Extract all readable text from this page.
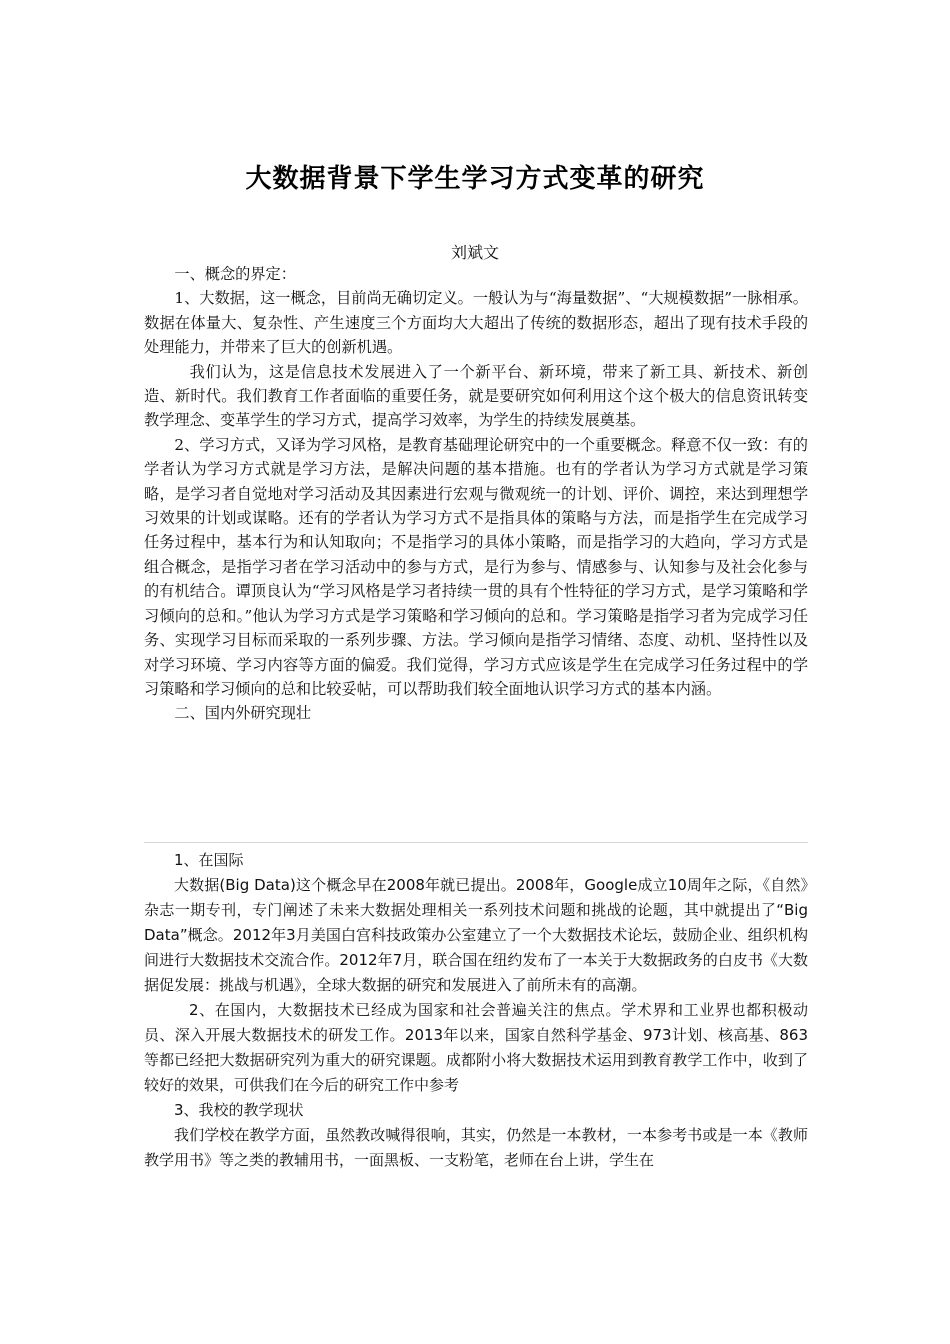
大数据背景下学生学习方式变革的研究
刘斌文

一、概念的界定：

1、大数据，这一概念，目前尚无确切定义。一般认为与“海量数据”、“大规模数据”一脉相承。数据在体量大、复杂性、产生速度三个方面均大大超出了传统的数据形态，超出了现有技术手段的处理能力，并带来了巨大的创新机遇。

我们认为，这是信息技术发展进入了一个新平台、新环境，带来了新工具、新技术、新创造、新时代。我们教育工作者面临的重要任务，就是要研究如何利用这个这个极大的信息资讯转变教学理念、变革学生的学习方式，提高学习效率，为学生的持续发展奠基。

2、学习方式，又译为学习风格，是教育基础理论研究中的一个重要概念。释意不仅一致：有的学者认为学习方式就是学习方法，是解决问题的基本措施。也有的学者认为学习方式就是学习策略，是学习者自觉地对学习活动及其因素进行宏观与微观统一的计划、评价、调控，来达到理想学习效果的计划或谋略。还有的学者认为学习方式不是指具体的策略与方法，而是指学生在完成学习任务过程中，基本行为和认知取向；不是指学习的具体小策略，而是指学习的大趋向，学习方式是组合概念，是指学习者在学习活动中的参与方式，是行为参与、情感参与、认知参与及社会化参与的有机结合。谭顶良认为“学习风格是学习者持续一贯的具有个性特征的学习方式，是学习策略和学习倾向的总和。”他认为学习方式是学习策略和学习倾向的总和。学习策略是指学习者为完成学习任务、实现学习目标而采取的一系列步骤、方法。学习倾向是指学习情绪、态度、动机、坚持性以及对学习环境、学习内容等方面的偏爱。我们觉得，学习方式应该是学生在完成学习任务过程中的学习策略和学习倾向的总和比较妥帖，可以帮助我们较全面地认识学习方式的基本内涵。

二、国内外研究现壮

1、在国际

大数据(Big Data)这个概念早在2008年就已提出。2008年，Google成立10周年之际，《自然》杂志一期专刊，专门阐述了未来大数据处理相关一系列技术问题和挑战的论题，其中就提出了“Big Data”概念。2012年3月美国白宫科技政策办公室建立了一个大数据技术论坛，鼓励企业、组织机构间进行大数据技术交流合作。2012年7月，联合国在纽约发布了一本关于大数据政务的白皮书《大数据促发展：挑战与机遇》，全球大数据的研究和发展进入了前所未有的高潮。

2、在国内，大数据技术已经成为国家和社会普遍关注的焦点。学术界和工业界也都积极动员、深入开展大数据技术的研发工作。2013年以来，国家自然科学基金、973计划、核高基、863等都已经把大数据研究列为重大的研究课题。成都附小将大数据技术运用到教育教学工作中，收到了较好的效果，可供我们在今后的研究工作中参考

3、我校的教学现状

我们学校在教学方面，虽然教改喊得很响，其实，仍然是一本教材，一本参考书或是一本《教师教学用书》等之类的教辅用书，一面黑板、一支粉笔，老师在台上讲，学生在
